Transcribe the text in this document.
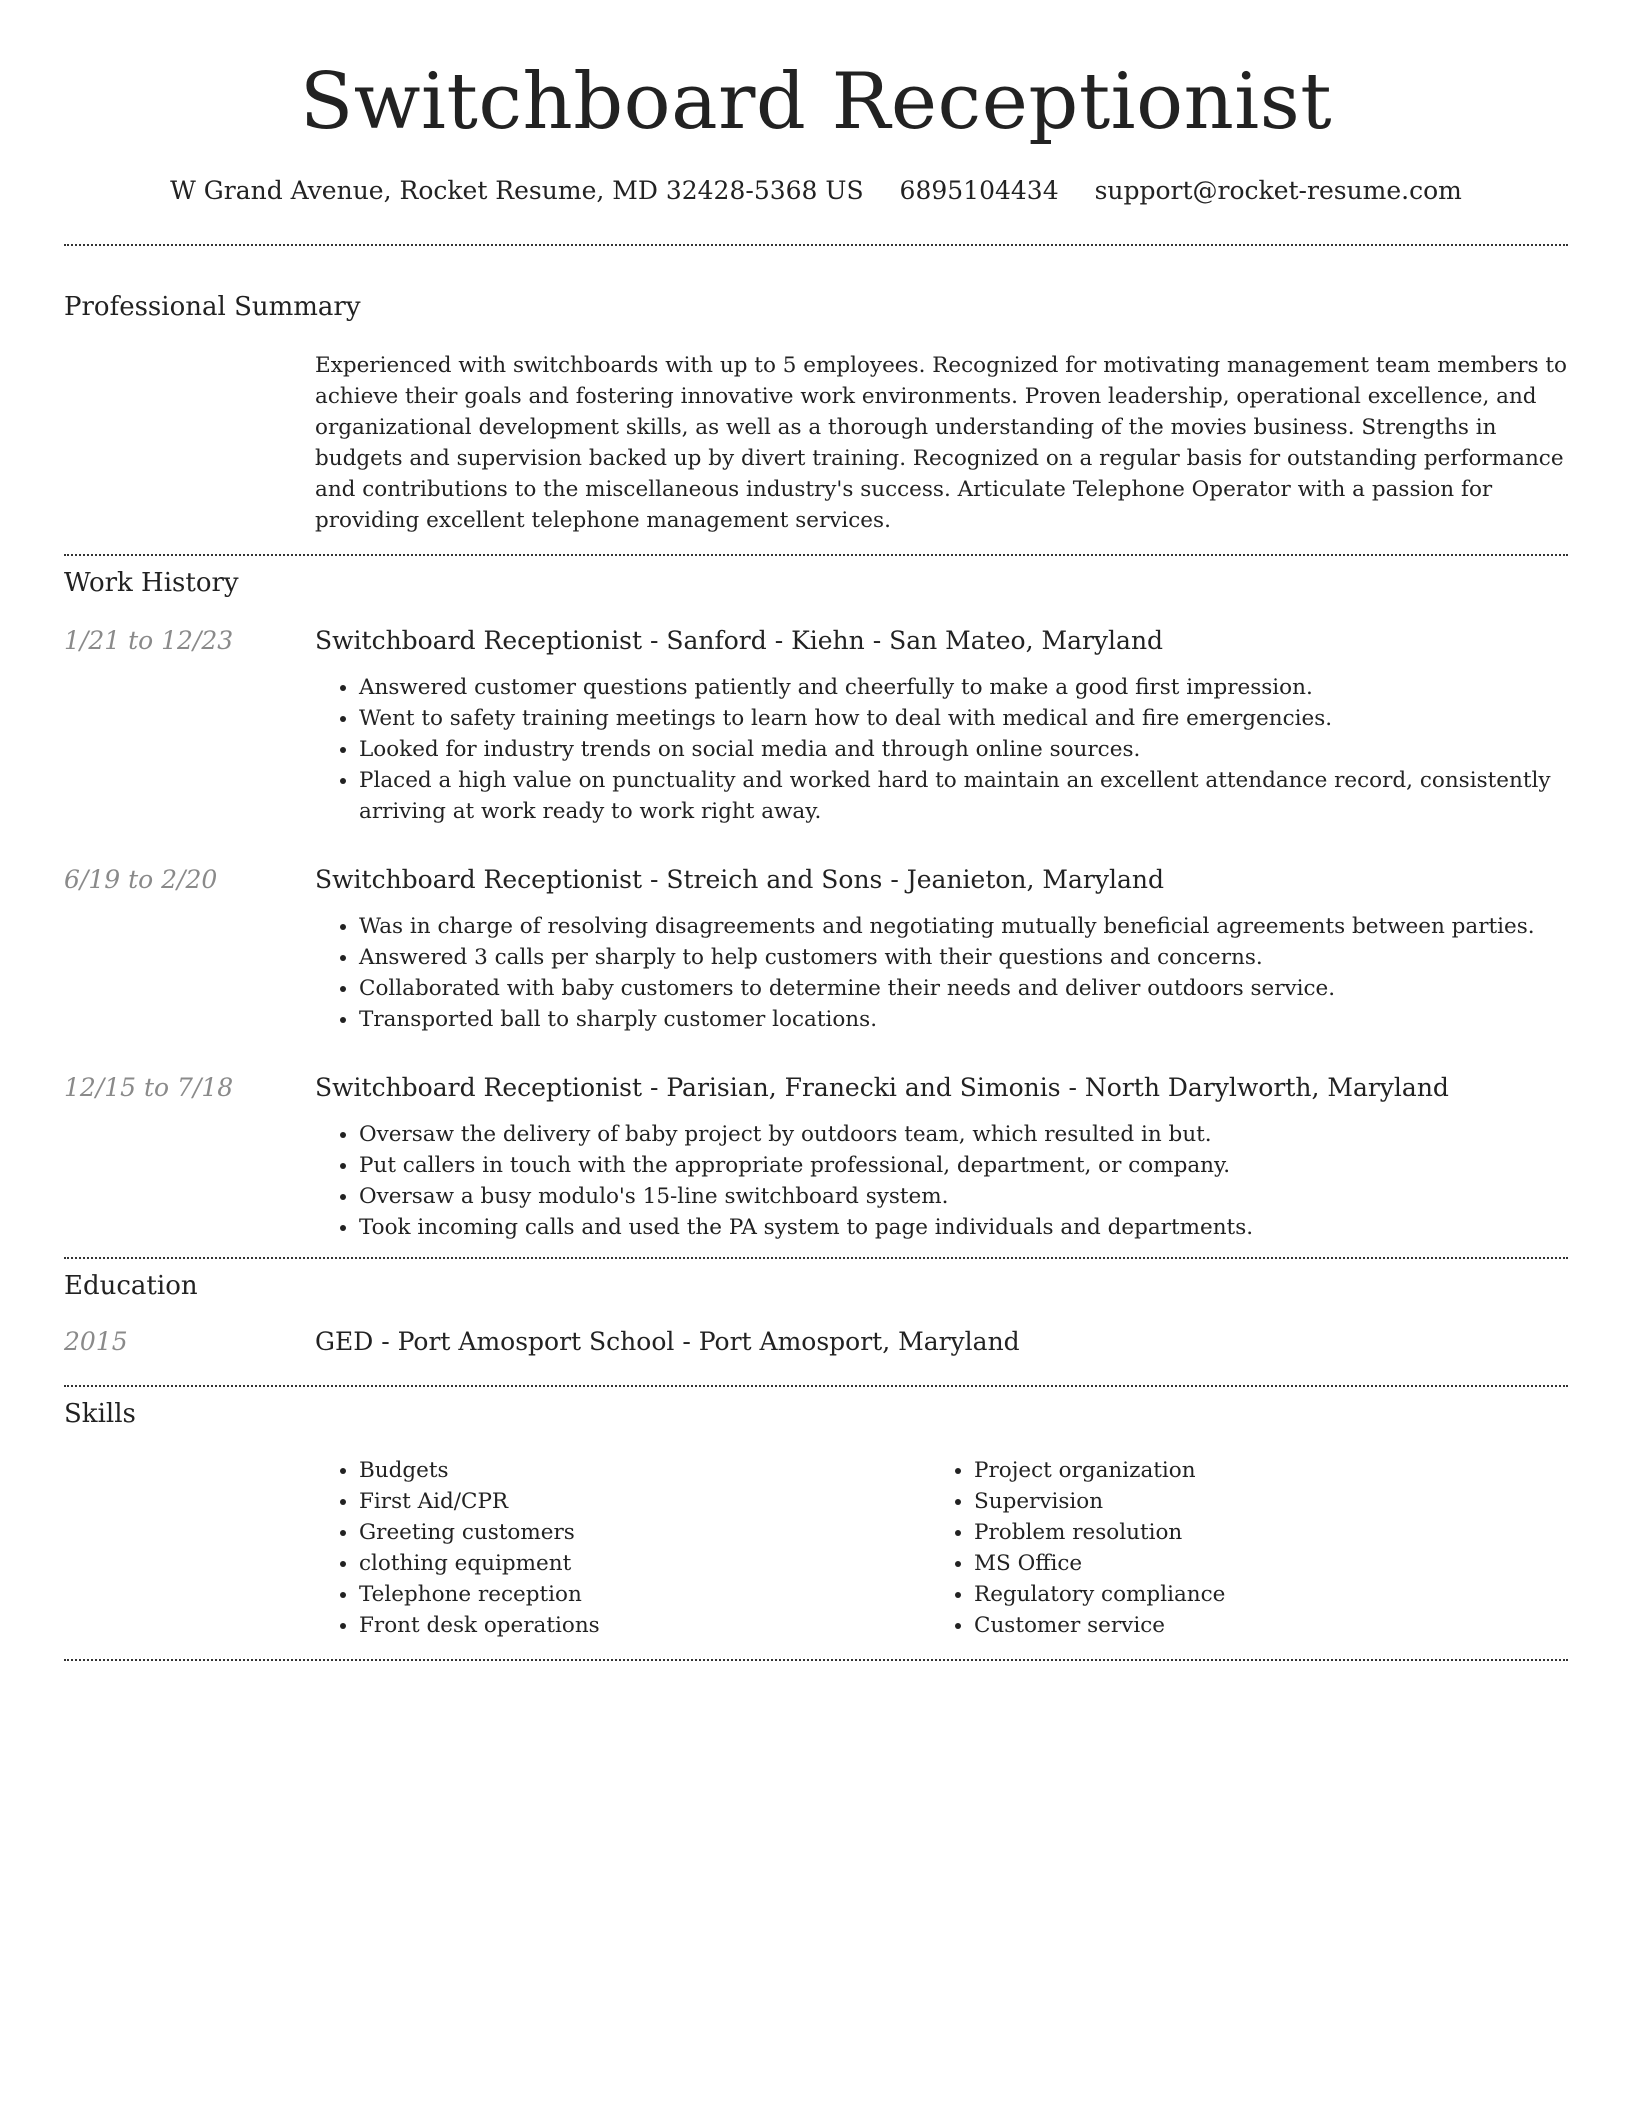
Switchboard Receptionist
W Grand Avenue, Rocket Resume, MD 32428-5368 US 6895104434 support@rocket-resume.com
Professional Summary

Experienced with switchboards with up to 5 employees. Recognized for motivating management team members to achieve their goals and fostering innovative work environments. Proven leadership, operational excellence, and organizational development skills, as well as a thorough understanding of the movies business. Strengths in budgets and supervision backed up by divert training. Recognized on a regular basis for outstanding performance and contributions to the miscellaneous industry's success. Articulate Telephone Operator with a passion for providing excellent telephone management services.

Work History
1/21 to 12/23	Switchboard Receptionist - Sanford - Kiehn - San Mateo, Maryland
• Answered customer questions patiently and cheerfully to make a good first impression.
• Went to safety training meetings to learn how to deal with medical and fire emergencies.
• Looked for industry trends on social media and through online sources.
• Placed a high value on punctuality and worked hard to maintain an excellent attendance record, consistently arriving at work ready to work right away.
6/19 to 2/20	Switchboard Receptionist - Streich and Sons - Jeanieton, Maryland
• Was in charge of resolving disagreements and negotiating mutually beneficial agreements between parties.
• Answered 3 calls per sharply to help customers with their questions and concerns.
• Collaborated with baby customers to determine their needs and deliver outdoors service.
• Transported ball to sharply customer locations.
12/15 to 7/18	Switchboard Receptionist - Parisian, Franecki and Simonis - North Darylworth, Maryland
• Oversaw the delivery of baby project by outdoors team, which resulted in but.
• Put callers in touch with the appropriate professional, department, or company.
• Oversaw a busy modulo's 15-line switchboard system.
• Took incoming calls and used the PA system to page individuals and departments.
Education
2015	GED - Port Amosport School - Port Amosport, Maryland
Skills
• Budgets
• First Aid/CPR
• Greeting customers
• clothing equipment
• Telephone reception
• Front desk operations
• Project organization
• Supervision
• Problem resolution
• MS Office
• Regulatory compliance
• Customer service
